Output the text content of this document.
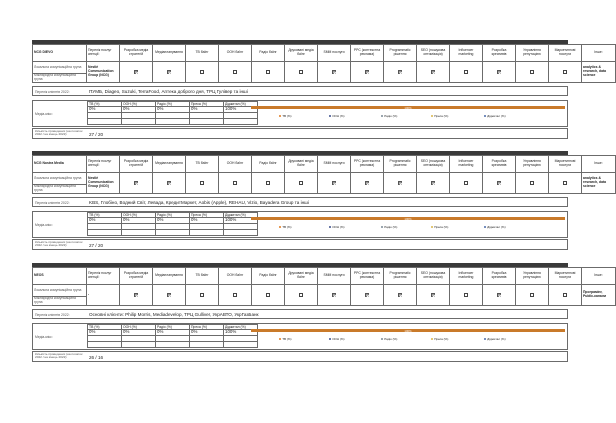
NCG DIEVO	Перелік послуг агенції:	Розробка медіа стратегій	Медіапланування	TB баїнг	OOH баїнг	Радіо баїнг	Друковані медіа баїнг	SMM послуги	PPC (контекстна реклама)	Programmatic рішення	SEO (пошукова оптимізація)	Influencer marketing	Розробка креативів	Управління репутацією	Маркетингові послуги	Інше:
Локальна комунікаційна група	Nestlé Communication Group (NCG)															analytics & research, data science
Міжнародна комунікаційна група																
Перелік клієнтів 2022:	ПУМБ, Diageo, Suzuki, TerraFood, Аптека доброго дня, ТРЦ Гулівер та інші
Медіа-мікс:
TB (%)	OOH (%)	Радіо (%)	Преса (%)	Діджитал (%)
0%	0%	0%	0%	100%

					100%
TB (%)	OOH (%)	Радіо (%)	Преса (%)	Діджитал (%)
Кількість проведених (на початок 2022 / на кінець 2022):	27 / 20
NCG Nostra Media	Перелік послуг агенції:	Розробка медіа стратегій	Медіапланування	TB баїнг	OOH баїнг	Радіо баїнг	Друковані медіа баїнг	SMM послуги	PPC (контекстна реклама)	Programmatic рішення	SEO (пошукова оптимізація)	Influencer marketing	Розробка креативів	Управління репутацією	Маркетингові послуги	Інше:
Локальна комунікаційна група	Nestlé Communication Group (NCG)															analytics & research, data science
Міжнародна комунікаційна група																
Перелік клієнтів 2022:	KBS, Глобіно, Водний Світ, Левада, КредитМаркет, Aobis (Apple), REHAU, Vizio, Bayadera Group та інші
Медіа-мікс:
TB (%)	OOH (%)	Радіо (%)	Преса (%)	Діджитал (%)
0%	0%	0%	0%	100%

					100%
TB (%)	OOH (%)	Радіо (%)	Преса (%)	Діджитал (%)
Кількість проведених (на початок 2022 / на кінець 2022):	27 / 20
NEOS	Перелік послуг агенції:	Розробка медіа стратегій	Медіапланування	TB баїнг	OOH баїнг	Радіо баїнг	Друковані медіа баїнг	SMM послуги	PPC (контекстна реклама)	Programmatic рішення	SEO (пошукова оптимізація)	Influencer marketing	Розробка креативів	Управління репутацією	Маркетингові послуги	Інше:
Локальна комунікаційна група	-															Програмінг, Public-канали
Міжнародна комунікаційна група																
Перелік клієнтів 2022:	Основні клієнти: Philip Morris, Mediadevelop, ТРЦ Gulliver, УкрАВТО, УкрГазБанк
Медіа-мікс:
TB (%)	OOH (%)	Радіо (%)	Преса (%)	Діджитал (%)
0%	0%	0%	0%	100%

					100%
TB (%)	OOH (%)	Радіо (%)	Преса (%)	Діджитал (%)
Кількість проведених (на початок 2022 / на кінець 2022):	26 / 16
